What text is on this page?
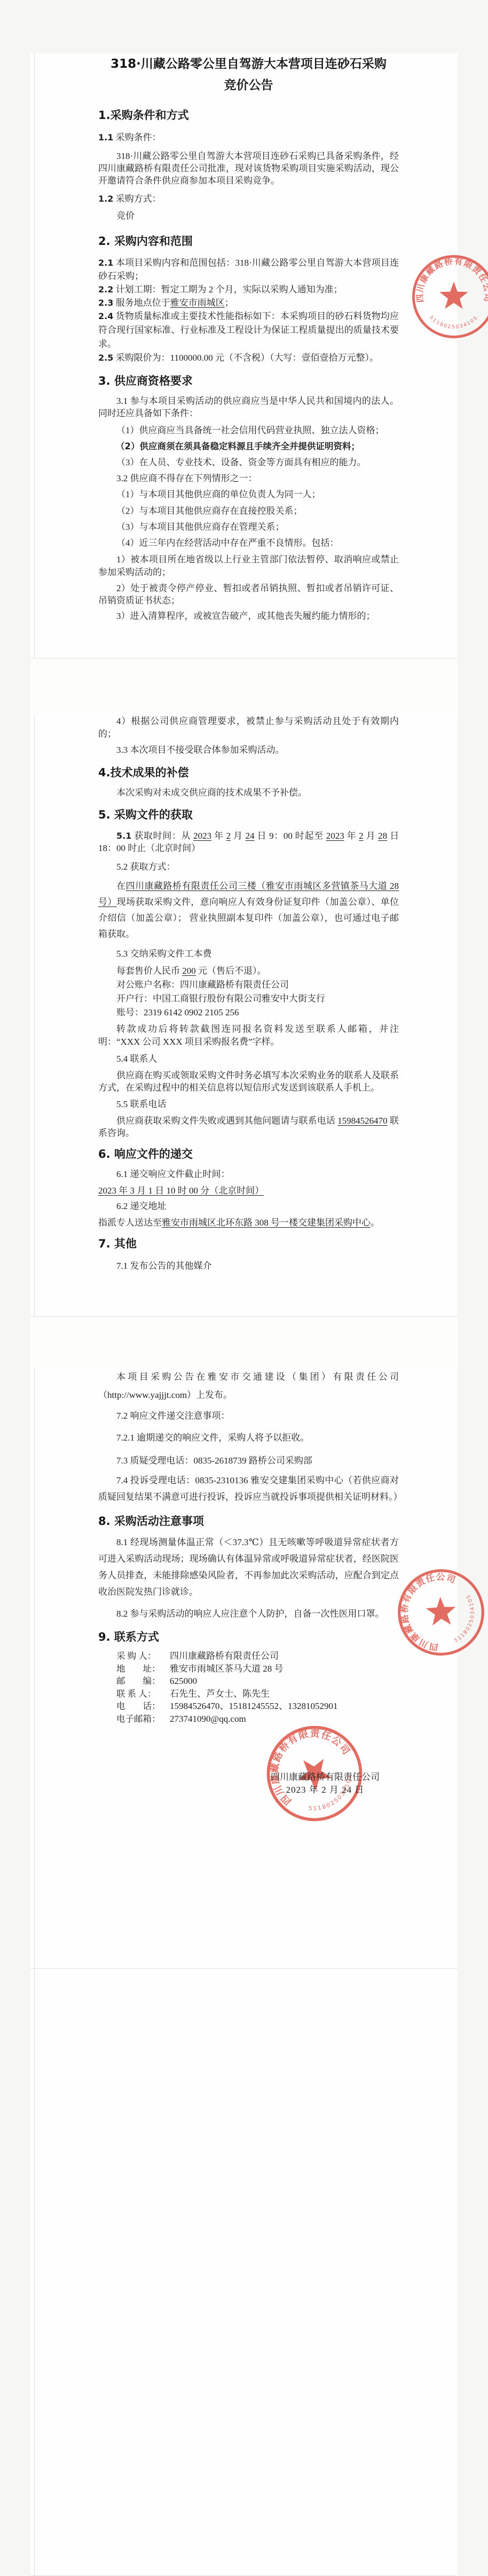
318·川藏公路零公里自驾游大本营项目连砂石采购

竞价公告

1.采购条件和方式

1.1 采购条件：

318·川藏公路零公里自驾游大本营项目连砂石采购已具备采购条件，经四川康藏路桥有限责任公司批准，现对该货物采购项目实施采购活动，现公开邀请符合条件供应商参加本项目采购竞争。

1.2 采购方式：

竞价

2. 采购内容和范围

2.1 本项目采购内容和范围包括：318·川藏公路零公里自驾游大本营项目连砂石采购；

2.2 计划工期：暂定工期为 2 个月，实际以采购人通知为准；

2.3 服务地点位于雅安市雨城区；

2.4 货物质量标准或主要技术性能指标如下：本采购项目的砂石料货物均应符合现行国家标准、行业标准及工程设计为保证工程质量提出的质量技术要求。

2.5 采购限价为：1100000.00 元（不含税）（大写：壹佰壹拾万元整）。

3. 供应商资格要求

3.1 参与本项目采购活动的供应商应当是中华人民共和国境内的法人。同时还应具备如下条件：

（1）供应商应当具备统一社会信用代码营业执照、独立法人资格；

（2）供应商须在须具备稳定料源且手续齐全并提供证明资料；

（3）在人员、专业技术、设备、资金等方面具有相应的能力。

3.2 供应商不得存在下列情形之一：

（1）与本项目其他供应商的单位负责人为同一人；

（2）与本项目其他供应商存在直接控股关系；

（3）与本项目其他供应商存在管理关系；

（4）近三年内在经营活动中存在严重不良情形。包括：

1）被本项目所在地省级以上行业主管部门依法暂停、取消响应或禁止参加采购活动的；

2）处于被责令停产停业、暂扣或者吊销执照、暂扣或者吊销许可证、吊销资质证书状态；

3）进入清算程序，或被宣告破产，或其他丧失履约能力情形的；

4）根据公司供应商管理要求，被禁止参与采购活动且处于有效期内的；

3.3 本次项目不接受联合体参加采购活动。

4.技术成果的补偿

本次采购对未成交供应商的技术成果不予补偿。

5. 采购文件的获取

5.1 获取时间：从 2023 年 2 月 24 日 9：00 时起至 2023 年 2 月 28 日 18：00 时止（北京时间）

5.2 获取方式：

在四川康藏路桥有限责任公司三楼（雅安市雨城区多营镇茶马大道 28 号）现场获取采购文件，意向响应人有效身份证复印件（加盖公章）、单位介绍信（加盖公章）； 营业执照副本复印件（加盖公章），也可通过电子邮箱获取。

5.3 交纳采购文件工本费

每套售价人民币 200 元（售后不退）。

对公账户名称：四川康藏路桥有限责任公司

开户行：中国工商银行股份有限公司雅安中大街支行

账号：2319 6142 0902 2105 256

转款成功后将转款截图连同报名资料发送至联系人邮箱，并注明：“XXX 公司 XXX 项目采购报名费”字样。

5.4 联系人

供应商在购买或领取采购文件时务必填写本次采购业务的联系人及联系方式，在采购过程中的相关信息将以短信形式发送到该联系人手机上。

5.5 联系电话

供应商获取采购文件失败或遇到其他问题请与联系电话 15984526470 联系咨询。

6. 响应文件的递交

6.1 递交响应文件截止时间：

2023 年 3 月 1 日 10 时 00 分（北京时间）

6.2 递交地址

指派专人送达至雅安市雨城区北环东路 308 号一楼交建集团采购中心。

7. 其他

7.1 发布公告的其他媒介

本项目采购公告在雅安市交通建设（集团）有限责任公司（http://www.yajjjt.com）上发布。

7.2 响应文件递交注意事项：

7.2.1 逾期递交的响应文件，采购人将予以拒收。

7.3 质疑受理电话：0835-2618739 路桥公司采购部

7.4 投诉受理电话：0835-2310136 雅安交建集团采购中心（若供应商对质疑回复结果不满意可进行投诉，投诉应当就投诉事项提供相关证明材料。）

8. 采购活动注意事项

8.1 经现场测量体温正常（＜37.3℃）且无咳嗽等呼吸道异常症状者方可进入采购活动现场；现场确认有体温异常或呼吸道异常症状者，经医院医务人员排查，未能排除感染风险者，不再参加此次采购活动，应配合到定点收治医院发热门诊就诊。

8.2 参与采购活动的响应人应注意个人防护，自备一次性医用口罩。

9. 联系方式

采 购 人： 四川康藏路桥有限责任公司

地　　址： 雅安市雨城区茶马大道 28 号

邮　　编： 625000

联 系 人： 石先生、芦女士、陈先生

电　　话： 15984526470、15181245552、13281052901

电子邮箱： 273741090@qq.com

四川康藏路桥有限责任公司

2023 年 2 月 24 日
